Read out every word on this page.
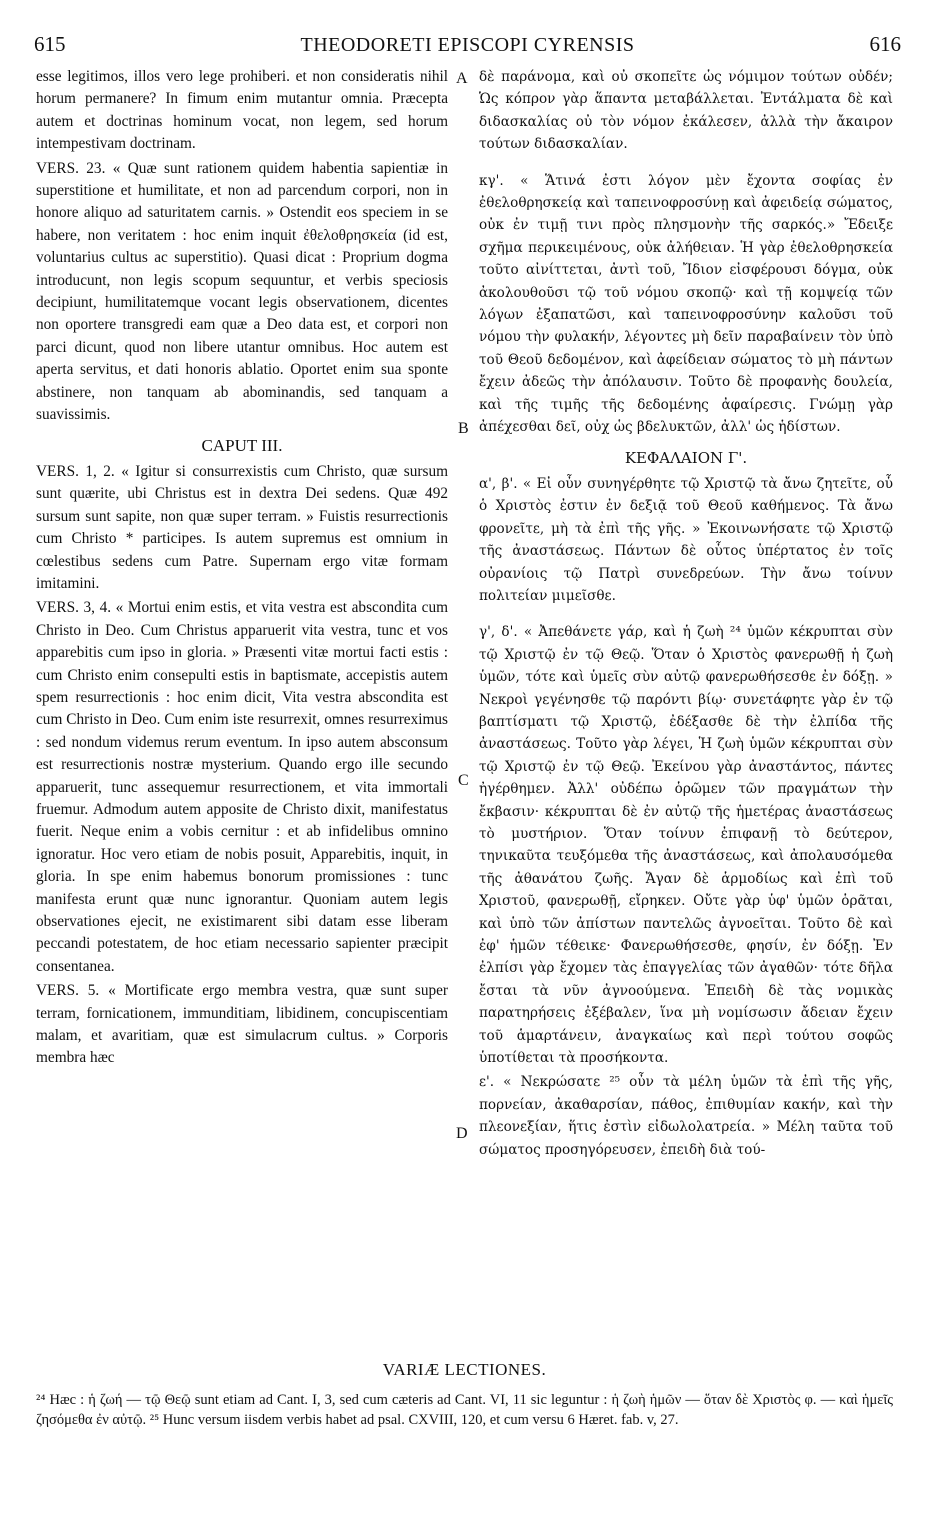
615	THEODORETI EPISCOPI CYRENSIS	616

esse legitimos, illos vero lege prohiberi. et non consideratis nihil horum permanere? In fimum enim mutantur omnia. Præcepta autem et doctrinas hominum vocat, non legem, sed horum intempestivam doctrinam.

VERS. 23. « Quæ sunt rationem quidem habentia sapientiæ in superstitione et humilitate, et non ad parcendum corpori, non in honore aliquo ad saturitatem carnis. » Ostendit eos speciem in se habere, non veritatem : hoc enim inquit ἐθελοθρησκεία (id est, voluntarius cultus ac superstitio). Quasi dicat : Proprium dogma introducunt, non legis scopum sequuntur, et verbis speciosis decipiunt, humilitatemque vocant legis observationem, dicentes non oportere transgredi eam quæ a Deo data est, et corpori non parci dicunt, quod non libere utantur omnibus. Hoc autem est aperta servitus, et dati honoris ablatio. Oportet enim sua sponte abstinere, non tanquam ab abominandis, sed tanquam a suavissimis.

CAPUT III.

VERS. 1, 2. « Igitur si consurrexistis cum Christo, quæ sursum sunt quærite, ubi Christus est in dextra Dei sedens. Quæ 492 sursum sunt sapite, non quæ super terram. » Fuistis resurrectionis cum Christo * participes. Is autem supremus est omnium in cœlestibus sedens cum Patre. Supernam ergo vitæ formam imitamini.

VERS. 3, 4. « Mortui enim estis, et vita vestra est abscondita cum Christo in Deo. Cum Christus apparuerit vita vestra, tunc et vos apparebitis cum ipso in gloria. » Præsenti vitæ mortui facti estis : cum Christo enim consepulti estis in baptismate, accepistis autem spem resurrectionis : hoc enim dicit, Vita vestra abscondita est cum Christo in Deo. Cum enim iste resurrexit, omnes resurreximus : sed nondum videmus rerum eventum. In ipso autem absconsum est resurrectionis nostræ mysterium. Quando ergo ille secundo apparuerit, tunc assequemur resurrectionem, et vita immortali fruemur. Admodum autem apposite de Christo dixit, manifestatus fuerit. Neque enim a vobis cernitur : et ab infidelibus omnino ignoratur. Hoc vero etiam de nobis posuit, Apparebitis, inquit, in gloria. In spe enim habemus bonorum promissiones : tunc manifesta erunt quæ nunc ignorantur. Quoniam autem legis observationes ejecit, ne existimarent sibi datam esse liberam peccandi potestatem, de hoc etiam necessario sapienter præcipit consentanea.

VERS. 5. « Mortificate ergo membra vestra, quæ sunt super terram, fornicationem, immunditiam, libidinem, concupiscentiam malam, et avaritiam, quæ est simulacrum cultus. » Corporis membra hæc

A
B
C
D

δὲ παράνομα, καὶ οὐ σκοπεῖτε ὡς νόμιμον τούτων οὐδέν; Ὡς κόπρον γὰρ ἅπαντα μεταβάλλεται. Ἐντάλματα δὲ καὶ διδασκαλίας οὐ τὸν νόμον ἐκάλεσεν, ἀλλὰ τὴν ἄκαιρον τούτων διδασκαλίαν.

κγ'. « Ἅτινά ἐστι λόγον μὲν ἔχοντα σοφίας ἐν ἐθελοθρησκείᾳ καὶ ταπεινοφροσύνῃ καὶ ἀφειδείᾳ σώματος, οὐκ ἐν τιμῇ τινι πρὸς πλησμονὴν τῆς σαρκός.» Ἔδειξε σχῆμα περικειμένους, οὐκ ἀλήθειαν. Ἡ γὰρ ἐθελοθρησκεία τοῦτο αἰνίττεται, ἀντὶ τοῦ, Ἴδιον εἰσφέρουσι δόγμα, οὐκ ἀκολουθοῦσι τῷ τοῦ νόμου σκοπῷ· καὶ τῇ κομψείᾳ τῶν λόγων ἐξαπατῶσι, καὶ ταπεινοφροσύνην καλοῦσι τοῦ νόμου τὴν φυλακήν, λέγοντες μὴ δεῖν παραβαίνειν τὸν ὑπὸ τοῦ Θεοῦ δεδομένον, καὶ ἀφείδειαν σώματος τὸ μὴ πάντων ἔχειν ἀδεῶς τὴν ἀπόλαυσιν. Τοῦτο δὲ προφανὴς δουλεία, καὶ τῆς τιμῆς τῆς δεδομένης ἀφαίρεσις. Γνώμῃ γὰρ ἀπέχεσθαι δεῖ, οὐχ ὡς βδελυκτῶν, ἀλλ' ὡς ἡδίστων.

ΚΕΦΑΛΑΙΟΝ Γ'.

α', β'. « Εἰ οὖν συνηγέρθητε τῷ Χριστῷ τὰ ἄνω ζητεῖτε, οὗ ὁ Χριστὸς ἐστιν ἐν δεξιᾷ τοῦ Θεοῦ καθήμενος. Τὰ ἄνω φρονεῖτε, μὴ τὰ ἐπὶ τῆς γῆς. » Ἐκοινωνήσατε τῷ Χριστῷ τῆς ἀναστάσεως. Πάντων δὲ οὗτος ὑπέρτατος ἐν τοῖς οὐρανίοις τῷ Πατρὶ συνεδρεύων. Τὴν ἄνω τοίνυν πολιτείαν μιμεῖσθε.

γ', δ'. « Ἀπεθάνετε γάρ, καὶ ἡ ζωὴ ²⁴ ὑμῶν κέκρυπται σὺν τῷ Χριστῷ ἐν τῷ Θεῷ. Ὅταν ὁ Χριστὸς φανερωθῇ ἡ ζωὴ ὑμῶν, τότε καὶ ὑμεῖς σὺν αὐτῷ φανερωθήσεσθε ἐν δόξῃ. » Νεκροὶ γεγένησθε τῷ παρόντι βίῳ· συνετάφητε γὰρ ἐν τῷ βαπτίσματι τῷ Χριστῷ, ἐδέξασθε δὲ τὴν ἐλπίδα τῆς ἀναστάσεως. Τοῦτο γὰρ λέγει, Ἡ ζωὴ ὑμῶν κέκρυπται σὺν τῷ Χριστῷ ἐν τῷ Θεῷ. Ἐκείνου γὰρ ἀναστάντος, πάντες ἠγέρθημεν. Ἀλλ' οὐδέπω ὁρῶμεν τῶν πραγμάτων τὴν ἔκβασιν· κέκρυπται δὲ ἐν αὐτῷ τῆς ἡμετέρας ἀναστάσεως τὸ μυστήριον. Ὅταν τοίνυν ἐπιφανῇ τὸ δεύτερον, τηνικαῦτα τευξόμεθα τῆς ἀναστάσεως, καὶ ἀπολαυσόμεθα τῆς ἀθανάτου ζωῆς. Ἄγαν δὲ ἁρμοδίως καὶ ἐπὶ τοῦ Χριστοῦ, φανερωθῇ, εἴρηκεν. Οὔτε γὰρ ὑφ' ὑμῶν ὁρᾶται, καὶ ὑπὸ τῶν ἀπίστων παντελῶς ἀγνοεῖται. Τοῦτο δὲ καὶ ἐφ' ἡμῶν τέθεικε· Φανερωθήσεσθε, φησίν, ἐν δόξῃ. Ἐν ἐλπίσι γὰρ ἔχομεν τὰς ἐπαγγελίας τῶν ἀγαθῶν· τότε δῆλα ἔσται τὰ νῦν ἀγνοούμενα. Ἐπειδὴ δὲ τὰς νομικὰς παρατηρήσεις ἐξέβαλεν, ἵνα μὴ νομίσωσιν ἄδειαν ἔχειν τοῦ ἁμαρτάνειν, ἀναγκαίως καὶ περὶ τούτου σοφῶς ὑποτίθεται τὰ προσήκοντα.

ε'. « Νεκρώσατε ²⁵ οὖν τὰ μέλη ὑμῶν τὰ ἐπὶ τῆς γῆς, πορνείαν, ἀκαθαρσίαν, πάθος, ἐπιθυμίαν κακήν, καὶ τὴν πλεονεξίαν, ἥτις ἐστὶν εἰδωλολατρεία. » Μέλη ταῦτα τοῦ σώματος προσηγόρευσεν, ἐπειδὴ διὰ τού-

VARIÆ LECTIONES.
²⁴ Hæc : ἡ ζωή — τῷ Θεῷ sunt etiam ad Cant. I, 3, sed cum cæteris ad Cant. VI, 11 sic leguntur : ἡ ζωὴ ἡμῶν — ὅταν δὲ Χριστὸς φ. — καὶ ἡμεῖς ζησόμεθα ἐν αὐτῷ. ²⁵ Hunc versum iisdem verbis habet ad psal. CXVIII, 120, et cum versu 6 Hæret. fab. v, 27.
